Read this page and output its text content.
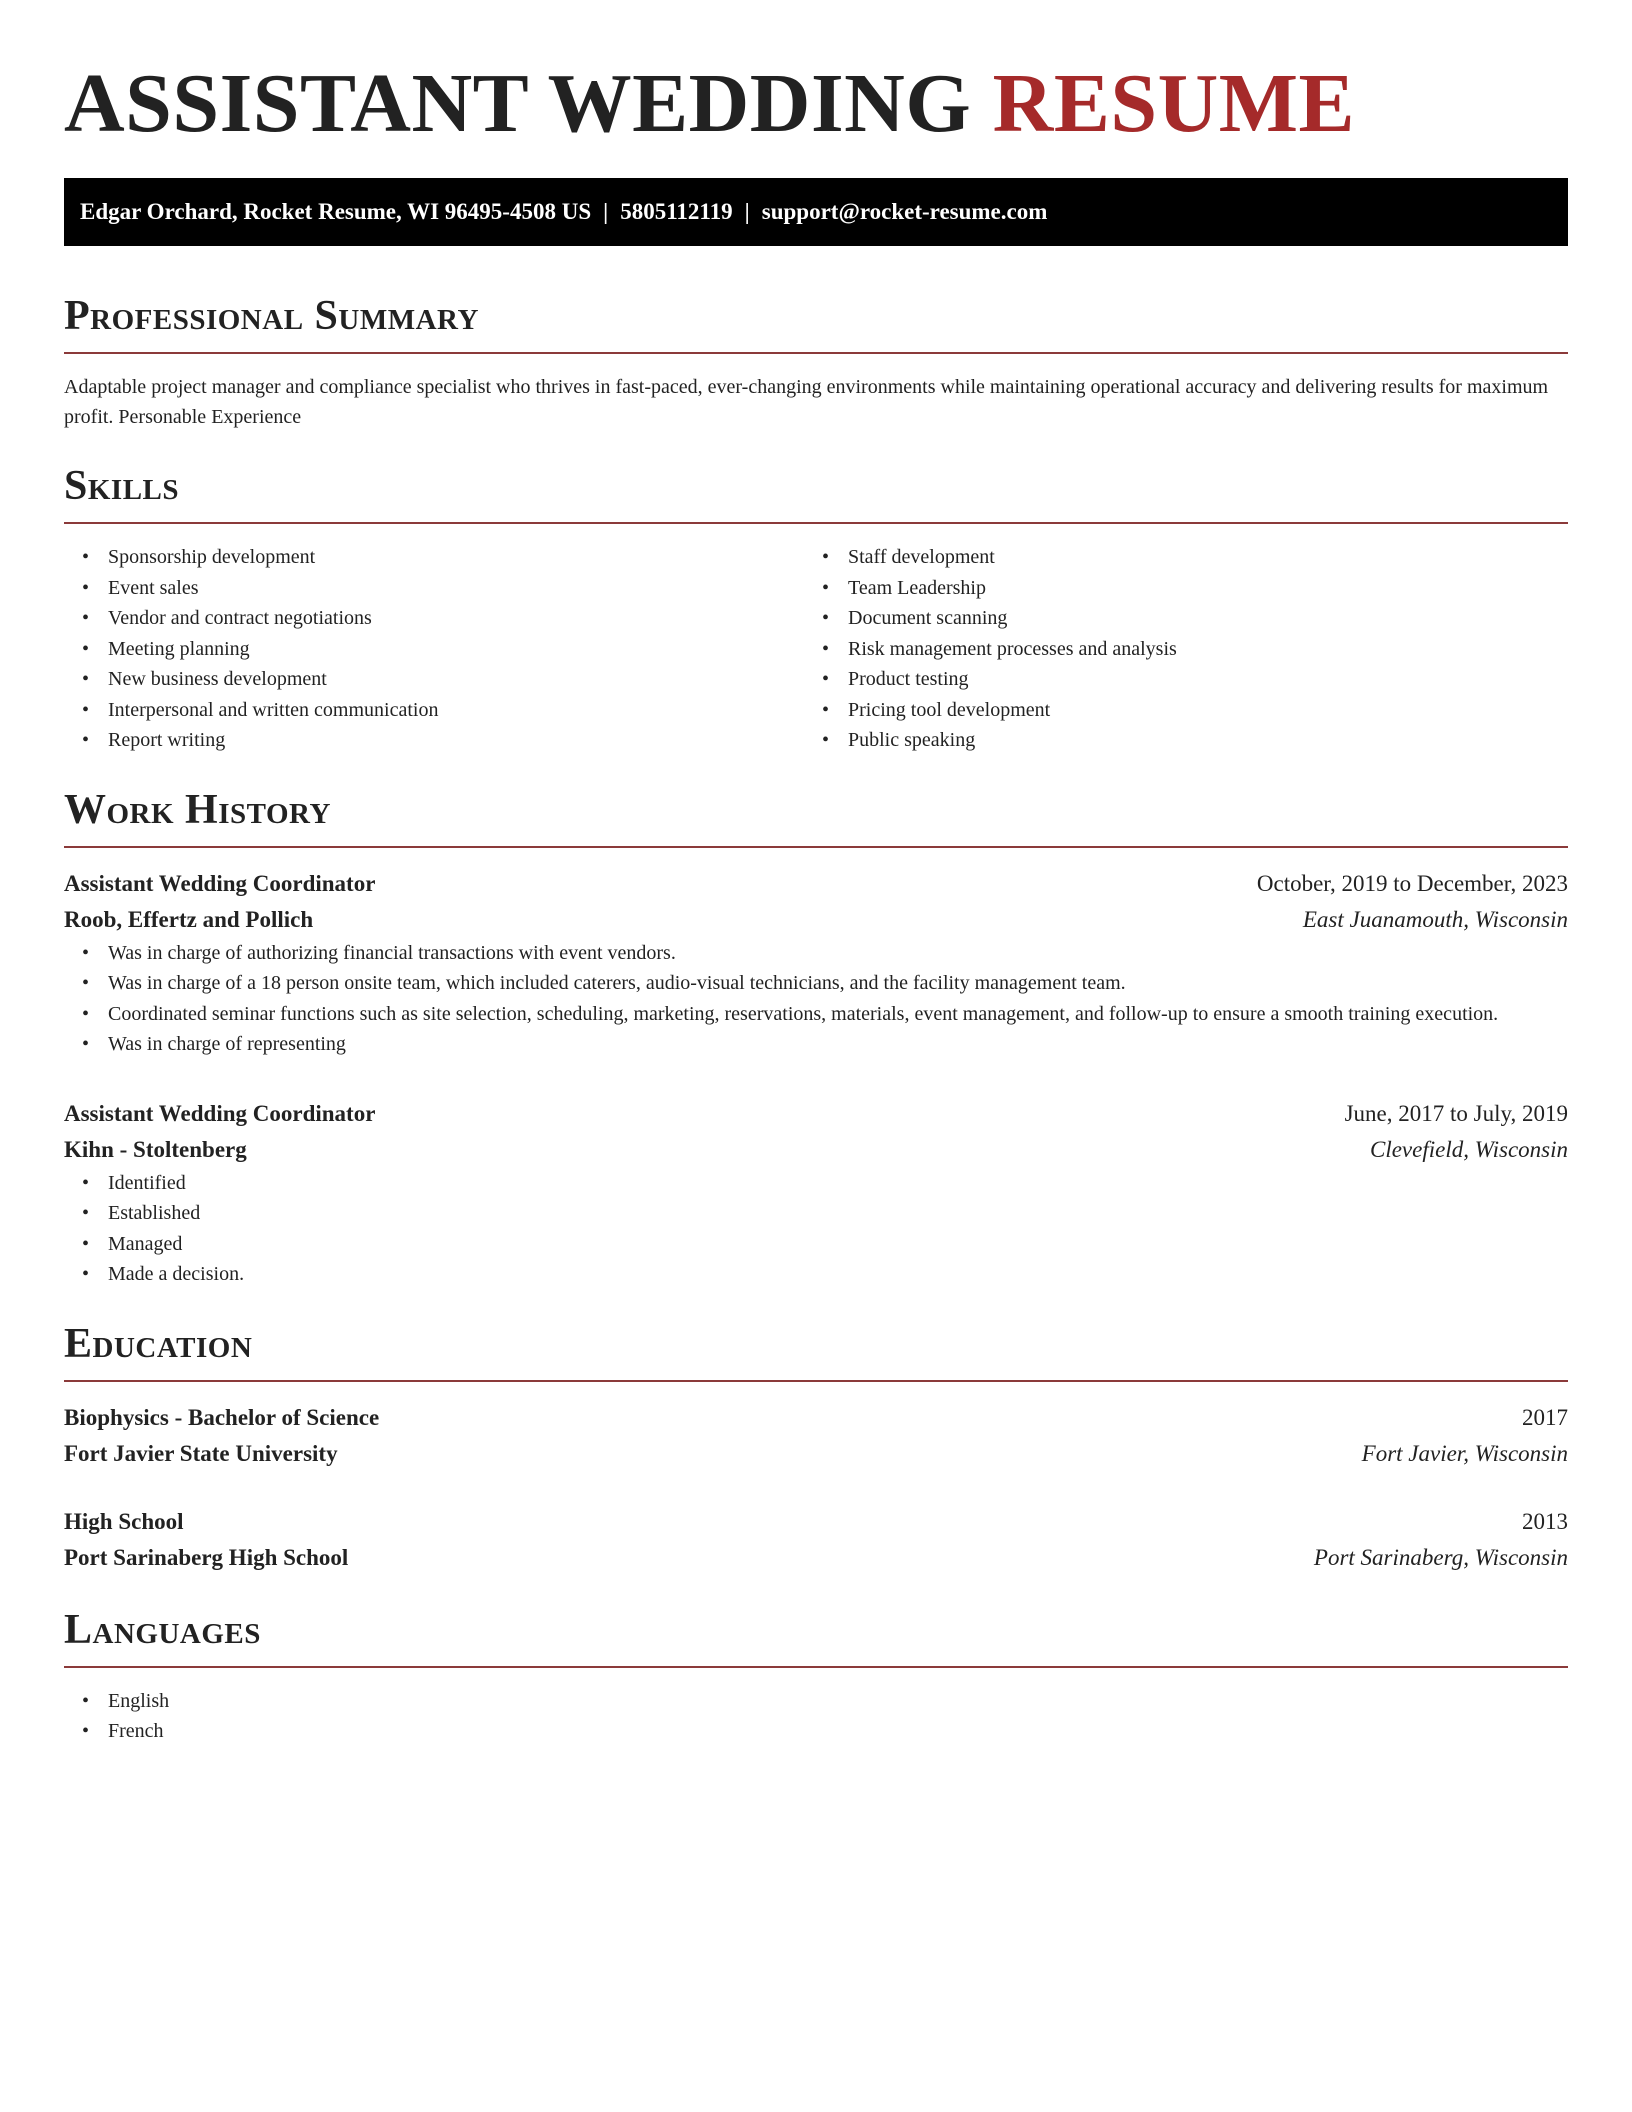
ASSISTANT WEDDING RESUME
Edgar Orchard, Rocket Resume, WI 96495-4508 US | 5805112119 | support@rocket-resume.com
Professional Summary

Adaptable project manager and compliance specialist who thrives in fast-paced, ever-changing environments while maintaining operational accuracy and delivering results for maximum profit. Personable Experience

Skills
• Sponsorship development
• Event sales
• Vendor and contract negotiations
• Meeting planning
• New business development
• Interpersonal and written communication
• Report writing
• Staff development
• Team Leadership
• Document scanning
• Risk management processes and analysis
• Product testing
• Pricing tool development
• Public speaking
Work History
Assistant Wedding Coordinator	October, 2019 to December, 2023
Roob, Effertz and Pollich	East Juanamouth, Wisconsin
• Was in charge of authorizing financial transactions with event vendors.
• Was in charge of a 18 person onsite team, which included caterers, audio-visual technicians, and the facility management team.
• Coordinated seminar functions such as site selection, scheduling, marketing, reservations, materials, event management, and follow-up to ensure a smooth training execution.
• Was in charge of representing
Assistant Wedding Coordinator	June, 2017 to July, 2019
Kihn - Stoltenberg	Clevefield, Wisconsin
• Identified
• Established
• Managed
• Made a decision.
Education
Biophysics - Bachelor of Science	2017
Fort Javier State University	Fort Javier, Wisconsin
High School	2013
Port Sarinaberg High School	Port Sarinaberg, Wisconsin
Languages
• English
• French
